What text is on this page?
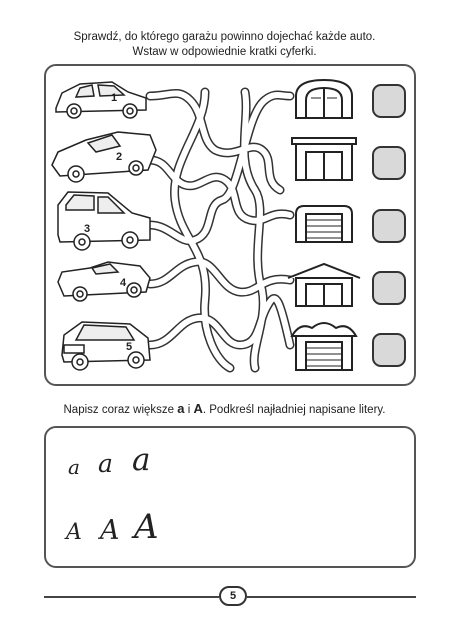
Sprawdź, do którego garażu powinno dojechać każde auto.
Wstaw w odpowiednie kratki cyferki.
1
2
3
4
5
Napisz coraz większe a i A. Podkreśl najładniej napisane litery.
a a a
A A A
5
